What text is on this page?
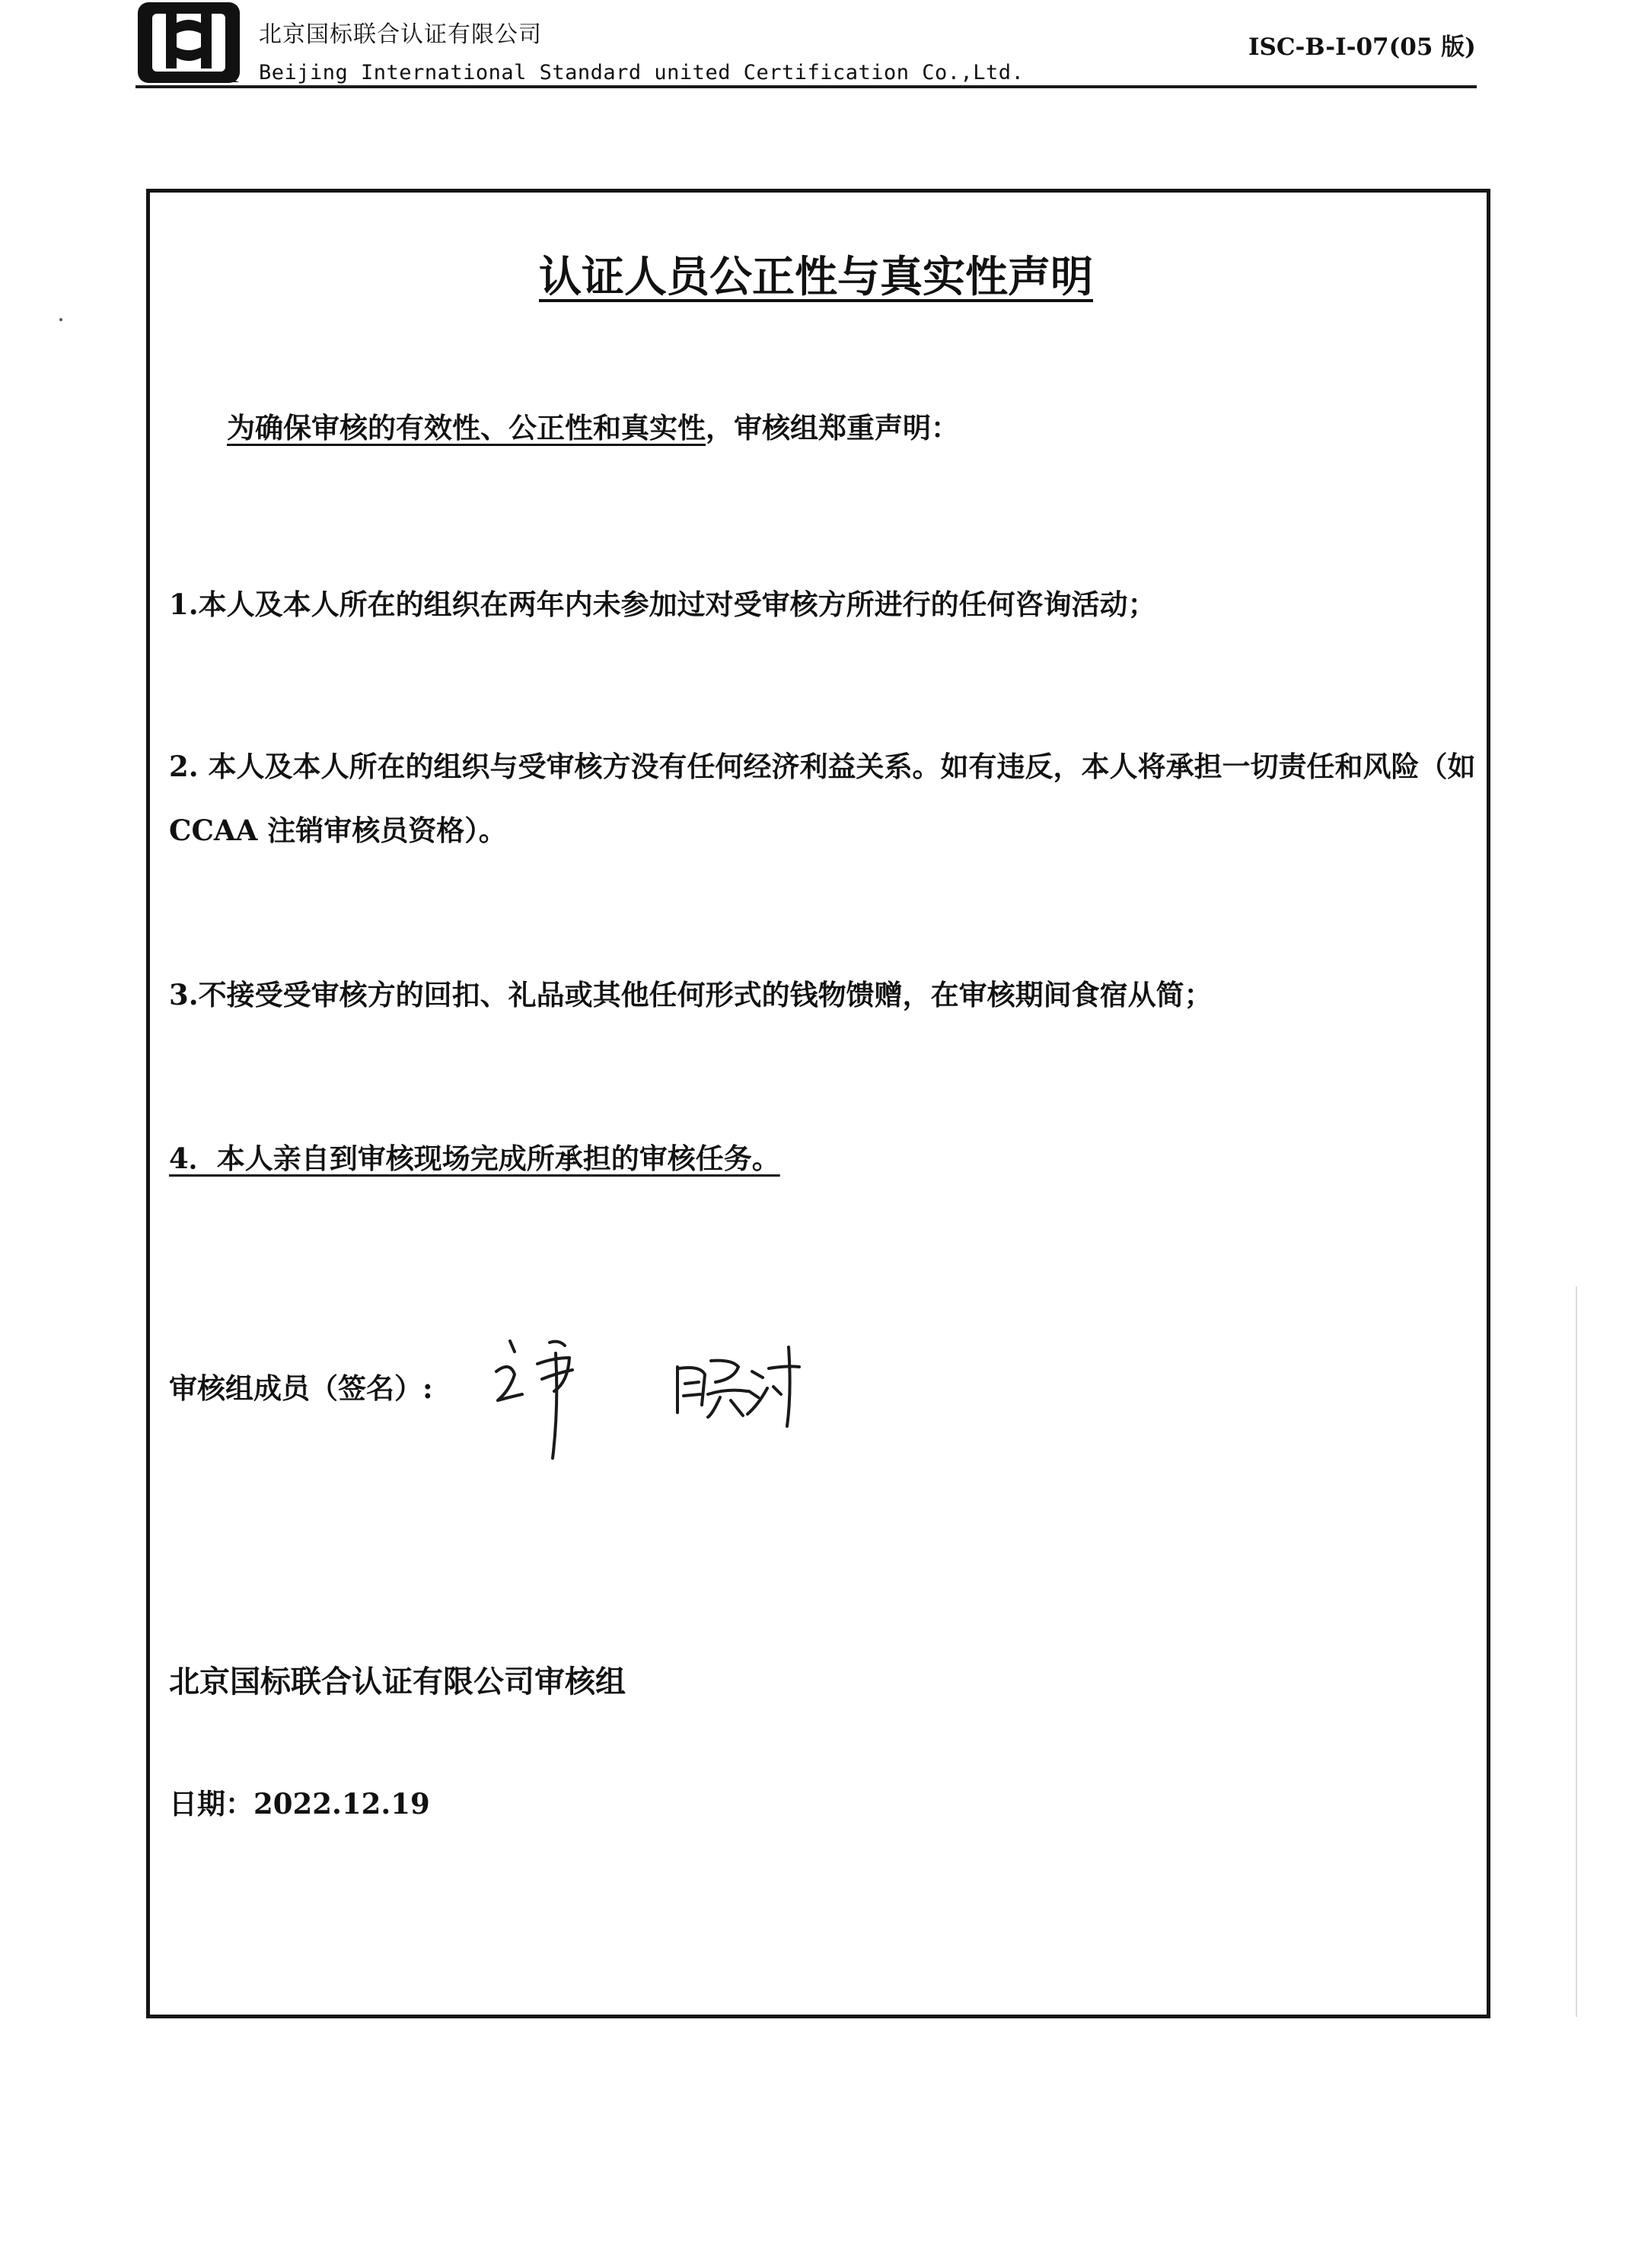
北京国标联合认证有限公司
Beijing International Standard united Certification Co.,Ltd.
ISC-B-I-07(05 版)
认证人员公正性与真实性声明
为确保审核的有效性、公正性和真实性，审核组郑重声明：
1.本人及本人所在的组织在两年内未参加过对受审核方所进行的任何咨询活动；
2. 本人及本人所在的组织与受审核方没有任何经济利益关系。如有违反，本人将承担一切责任和风险（如 CCAA 注销审核员资格）。
3.不接受受审核方的回扣、礼品或其他任何形式的钱物馈赠，在审核期间食宿从简；
4．本人亲自到审核现场完成所承担的审核任务。
审核组成员（签名）:
北京国标联合认证有限公司审核组
日期：2022.12.19
